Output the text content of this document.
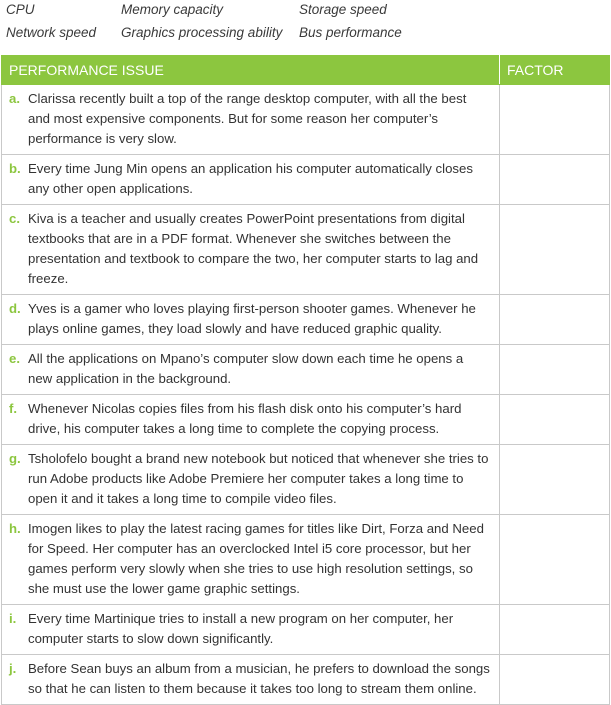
CPU	Memory capacity	Storage speed
Network speed Graphics processing ability Bus performance
PERFORMANCE ISSUE	FACTOR

a. Clarissa recently built a top of the range desktop computer, with all the best and most expensive components. But for some reason her computer’s performance is very slow.	

b. Every time Jung Min opens an application his computer automatically closes any other open applications.	

c. Kiva is a teacher and usually creates PowerPoint presentations from digital textbooks that are in a PDF format. Whenever she switches between the presentation and textbook to compare the two, her computer starts to lag and freeze.	

d. Yves is a gamer who loves playing first-person shooter games. Whenever he plays online games, they load slowly and have reduced graphic quality.	

e. All the applications on Mpano’s computer slow down each time he opens a new application in the background.	

f. Whenever Nicolas copies files from his flash disk onto his computer’s hard drive, his computer takes a long time to complete the copying process.	

g. Tsholofelo bought a brand new notebook but noticed that whenever she tries to run Adobe products like Adobe Premiere her computer takes a long time to open it and it takes a long time to compile video files.	

h. Imogen likes to play the latest racing games for titles like Dirt, Forza and Need for Speed. Her computer has an overclocked Intel i5 core processor, but her games perform very slowly when she tries to use high resolution settings, so she must use the lower game graphic settings.	

i. Every time Martinique tries to install a new program on her computer, her computer starts to slow down significantly.	

j. Before Sean buys an album from a musician, he prefers to download the songs so that he can listen to them because it takes too long to stream them online.	
